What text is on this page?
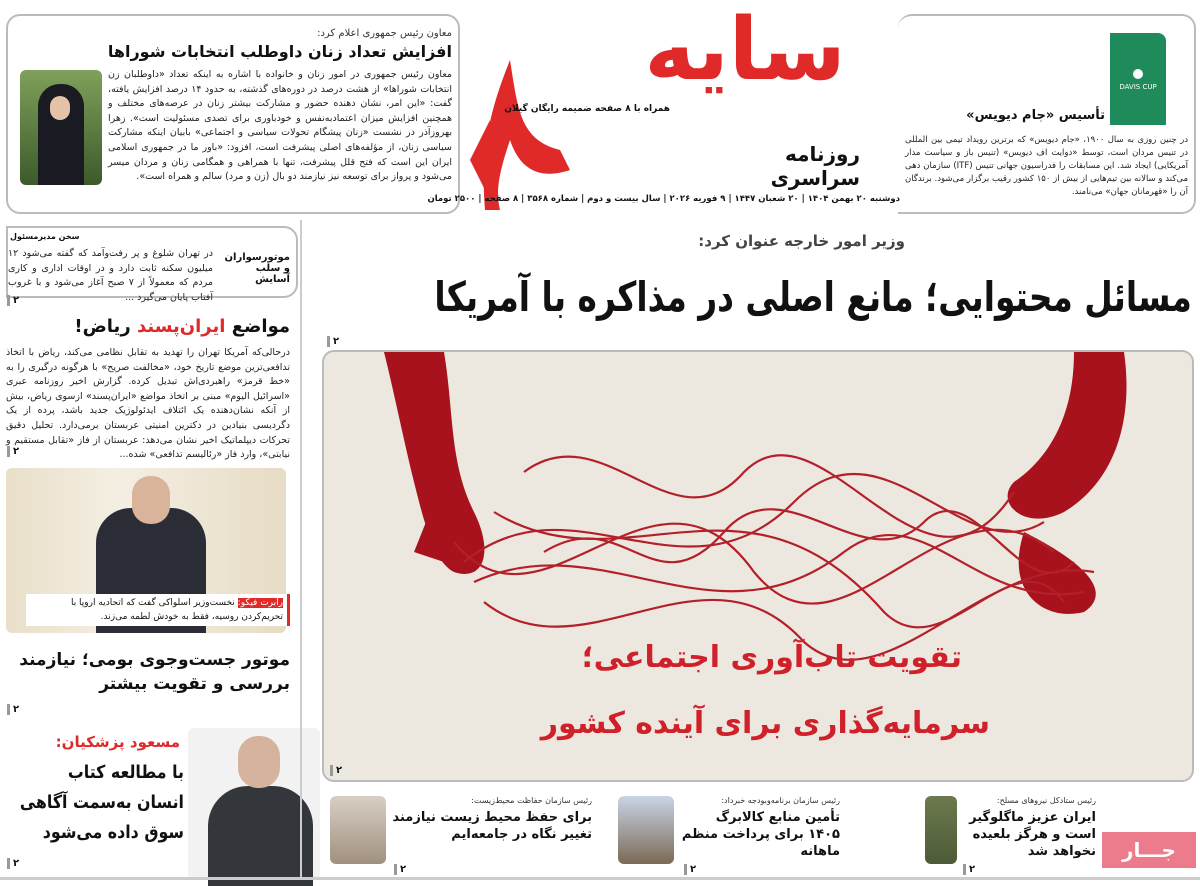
معاون رئیس جمهوری اعلام کرد:
افزایش تعداد زنان داوطلب انتخابات شوراها
معاون رئیس جمهوری در امور زنان و خانواده با اشاره به اینکه تعداد «داوطلبان زن انتخابات شوراها» از هشت درصد در دوره‌های گذشته، به حدود ۱۴ درصد افزایش یافته، گفت: «این امر، نشان دهنده حضور و مشارکت بیشتر زنان در عرصه‌های مختلف و همچنین افزایش میزان اعتمادبه‌نفس و خودباوری برای تصدی مسئولیت است». زهرا بهروزآذر در نشست «زنان پیشگام تحولات سیاسی و اجتماعی» بابیان اینکه مشارکت سیاسی زنان، از مؤلفه‌های اصلی پیشرفت است، افزود: «باور ما در جمهوری اسلامی ایران این است که فتح قلل پیشرفت، تنها با همراهی و همگامی زنان و مردان میسر می‌شود و پرواز برای توسعه نیز نیازمند دو بال (زن و مرد) سالم و همراه است».
سایه
همراه با ۸ صفحه ضمیمه رایگان گیلان
روزنامه سراسری
دوشنبه ۲۰ بهمن ۱۴۰۴ | ۲۰ شعبان ۱۴۴۷ | ۹ فوریه ۲۰۲۶ | سال بیست و دوم | شماره ۳۵۶۸ | ۸ صفحه | ۲۵۰۰ تومان
DAVIS CUP
تأسیس «جام دیویس»
در چنین روزی به سال ۱۹۰۰، «جام دیویس» که برترین رویداد تیمی بین المللی در تنیس مردان است، توسط «دوایت اف دیویس» (تنیس باز و سیاست مدار آمریکایی) ایجاد شد. این مسابقات را فدراسیون جهانی تنیس (ITF) سازمان دهی می‌کند و سالانه بین تیم‌هایی از بیش از ۱۵۰ کشور رقیب برگزار می‌شود. برندگان آن را «قهرمانان جهان» می‌نامند.
سخن مدیرمسئول
موتورسواران و سلب آسایش
در تهران شلوغ و پر رفت‌وآمد که گفته می‌شود ۱۲ میلیون سکنه ثابت دارد و در اوقات اداری و کاری مردم که معمولاً از ۷ صبح آغاز می‌شود و با غروب آفتاب پایان می‌گیرد ...
۲
مواضع ایران‌پسند ریاض!
درحالی‌که آمریکا تهران را تهدید به تقابل نظامی می‌کند، ریاض با اتخاذ تدافعی‌ترین موضع تاریخ خود، «مخالفت صریح» با هرگونه درگیری را به «خط قرمز» راهبردی‌اش تبدیل کرده. گزارش اخیر روزنامه عبری «اسرائیل الیوم» مبنی بر اتخاذ مواضع «ایران‌پسند» ازسوی ریاض، بیش از آنکه نشان‌دهنده یک ائتلاف ایدئولوژیک جدید باشد، پرده از یک دگردیسی بنیادین در دکترین امنیتی عربستان برمی‌دارد. تحلیل دقیق تحرکات دیپلماتیک اخیر نشان می‌دهد: عربستان از فاز «تقابل مستقیم و نیابتی»، وارد فاز «رئالیسم تدافعی» شده...
۲
رابرت فیکو: نخست‌وزیر اسلواکی گفت که اتحادیه اروپا با تحریم‌کردن روسیه، فقط به خودش لطمه می‌زند.
موتور جست‌وجوی بومی؛ نیازمند بررسی و تقویت بیشتر
۲
مسعود پزشکیان:
با مطالعه کتاب
انسان به‌سمت آگاهی
سوق داده می‌شود
۲
وزیر امور خارجه عنوان کرد:
مسائل محتوایی؛ مانع اصلی در مذاکره با آمریکا
۲
تقویت تاب‌آوری اجتماعی؛
سرمایه‌گذاری برای آینده کشور
۲
رئیس ستادکل نیروهای مسلح:
ایران عزیز ماگلوگیر است و هرگز بلعیده نخواهد شد
۲
رئیس سازمان برنامه‌وبودجه خبرداد:
تأمین منابع کالابرگ ۱۴۰۵ برای پرداخت منظم ماهانه
۲
رئیس سازمان حفاظت محیط‌زیست:
برای حفظ محیط زیست نیازمند تغییر نگاه در جامعه‌ایم
۲
جـــار
